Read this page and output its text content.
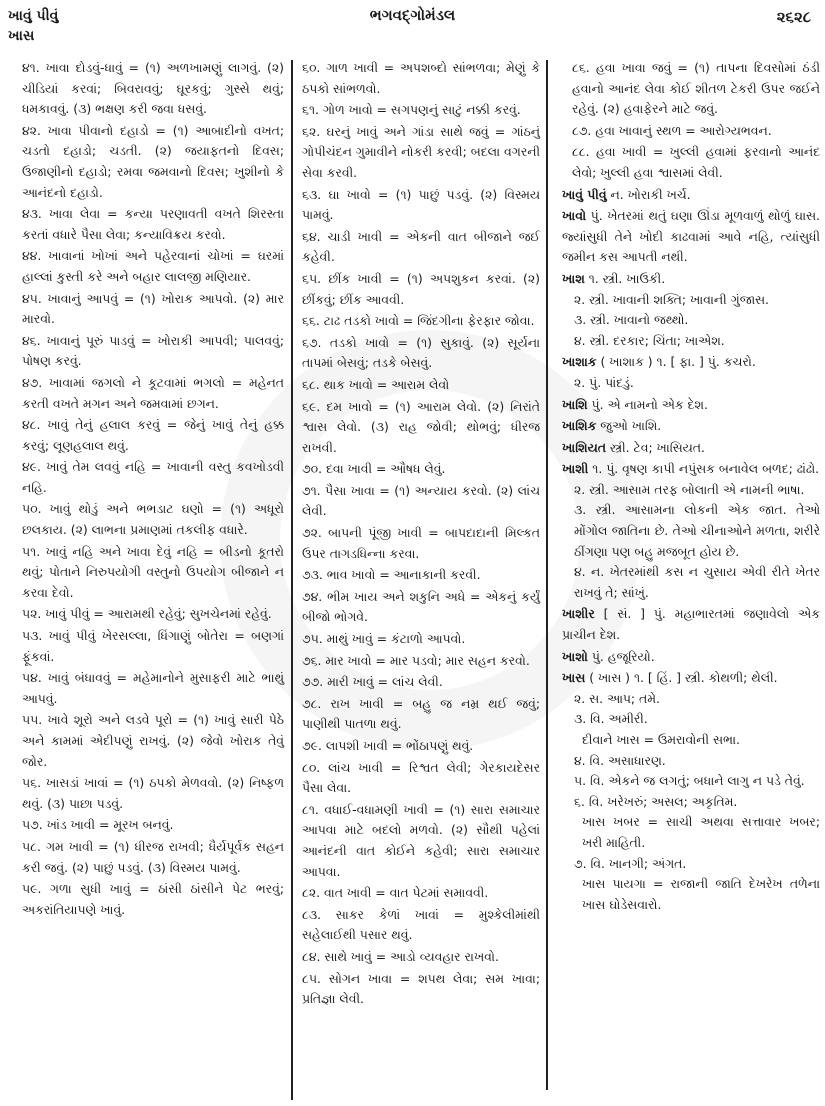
ખાવું પીવું
ખાસ
ભગવદ્ગોમંડલ	૨૬૨૮
૪૧. ખાવા દોડવું-ધાવું = (૧) અળખામણું લાગવું. (૨) ચીડિયાં કરવાં; બિવરાવવું; ઘૂરકવું; ગુસ્સે થવું; ધમકાવવું. (૩) ભક્ષણ કરી જવા ધસવું.
૪૨. ખાવા પીવાનો દહાડો = (૧) આબાદીનો વખત; ચડતો દહાડો; ચડતી. (૨) જયાફતનો દિવસ; ઉજાણીનો દહાડો; રમવા જમવાનો દિવસ; ખુશીનો કે આનંદનો દહાડો.
૪૩. ખાવા લેવા = કન્યા પરણાવતી વખતે શિરસ્તા કરતાં વધારે પૈસા લેવા; કન્યાવિક્રય કરવો.
૪૪. ખાવાનાં ખોખાં અને પહેરવાનાં ચોખાં = ઘરમાં હાલ્લાં કુસ્તી કરે અને બહાર લાલજી મણિયાર.
૪૫. ખાવાનું આપવું = (૧) ખોરાક આપવો. (૨) માર મારવો.
૪૬. ખાવાનું પૂરું પાડવું = ખોરાકી આપવી; પાલવવું; પોષણ કરવું.
૪૭. ખાવામાં જગલો ને કૂટવામાં ભગલો = મહેનત કરતી વખતે મગન અને જમવામાં છગન.
૪૮. ખાવું તેનું હલાલ કરવું = જેનું ખાવું તેનું હક્ક કરવું; લૂણહલાલ થવું.
૪૯. ખાવું તેમ લવવું નહિ = ખાવાની વસ્તુ કવખોડવી નહિ.
૫૦. ખાવું થોડું અને ભભડાટ ઘણો = (૧) અધૂરો છલકાય. (૨) લાભના પ્રમાણમાં તકલીફ વધારે.
૫૧. ખાવું નહિ અને ખાવા દેવું નહિ = બીડનો કૂતરો થવું; પોતાને નિરુપયોગી વસ્તુનો ઉપયોગ બીજાને ન કરવા દેવો.
૫૨. ખાવું પીવું = આરામથી રહેવું; સુખચેનમાં રહેવું.
૫૩. ખાવું પીવું ખેરસલ્લા, ધિંગાણું બોતેરા = બણગાં ફૂંકવાં.
૫૪. ખાવું બંધાવવું = મહેમાનોને મુસાફરી માટે ભાથું આપવું.
૫૫. ખાવે શૂરો અને લડવે પૂરો = (૧) ખાવું સારી પેઠે અને કામમાં એદીપણું રાખવું. (૨) જેવો ખોરાક તેવું જોર.
૫૬. ખાસડાં ખાવાં = (૧) ઠપકો મેળવવો. (૨) નિષ્ફળ થવું. (૩) પાછા પડવું.
૫૭. ખાંડ ખાવી = મૂરખ બનવું.
૫૮. ગમ ખાવી = (૧) ધીરજ રાખવી; ધૈર્યપૂર્વક સહન કરી જવું. (૨) પાછું પડવું. (૩) વિસ્મય પામવું.
૫૯. ગળા સુધી ખાવું = ઠાંસી ઠાંસીને પેટ ભરવું; અકરાંતિયાપણે ખાવું.
૬૦. ગાળ ખાવી = અપશબ્દો સાંભળવા; મેણું કે ઠપકો સાંભળવો.
૬૧. ગોળ ખાવો = સગપણનું સાટું નક્કી કરવું.
૬૨. ઘરનું ખાવું અને ગાંડા સાથે જવું = ગાંઠનું ગોપીચંદન ગુમાવીને નોકરી કરવી; બદલા વગરની સેવા કરવી.
૬૩. ઘા ખાવો = (૧) પાછું પડવું. (૨) વિસ્મય પામવું.
૬૪. ચાડી ખાવી = એકની વાત બીજાને જઈ કહેવી.
૬૫. છીંક ખાવી = (૧) અપશુકન કરવાં. (૨) છીંકવું; છીંક આવવી.
૬૬. ટાઢ તડકો ખાવો = જિંદગીના ફેરફાર જોવા.
૬૭. તડકો ખાવો = (૧) સુકાવું. (૨) સૂર્યના તાપમાં બેસવું; તડકે બેસવું.
૬૮. થાક ખાવો = આરામ લેવો
૬૯. દમ ખાવો = (૧) આરામ લેવો. (૨) નિરાંતે શ્વાસ લેવો. (૩) રાહ જોવી; થોભવું; ધીરજ રાખવી.
૭૦. દવા ખાવી = ઔષધ લેવું.
૭૧. પૈસા ખાવા = (૧) અન્યાય કરવો. (૨) લાંચ લેવી.
૭૨. બાપની પૂંજી ખાવી = બાપદાદાની મિલ્કત ઉપર તાગડધિન્ના કરવા.
૭૩. ભાવ ખાવો = આનાકાની કરવી.
૭૪. ભીમ ખાય અને શકુનિ અધે = એકનું કર્યું બીજો ભોગવે.
૭૫. માથું ખાવું = કંટાળો આપવો.
૭૬. માર ખાવો = માર પડવો; માર સહન કરવો.
૭૭. મારી ખાવું = લાંચ લેવી.
૭૮. રાખ ખાવી = બહુ જ નમ્ર થઈ જવું; પાણીથી પાતળા થવું.
૭૯. લાપશી ખાવી = ભોંઠાપણું થવું.
૮૦. લાંચ ખાવી = રિશ્વત લેવી; ગેરકાયદેસર પૈસા લેવા.
૮૧. વધાઈ-વધામણી ખાવી = (૧) સારા સમાચાર આપવા માટે બદલો મળવો. (૨) સૌથી પહેલાં આનંદની વાત કોઈને કહેવી; સારા સમાચાર આપવા.
૮૨. વાત ખાવી = વાત પેટમાં સમાવવી.
૮૩. સાકર કેળાં ખાવાં = મુશ્કેલીમાંથી સહેલાઈથી પસાર થવું.
૮૪. સાથે ખાવું = આડો વ્યવહાર રાખવો.
૮૫. સોગન ખાવા = શપથ લેવા; સમ ખાવા; પ્રતિજ્ઞા લેવી.
૮૬. હવા ખાવા જવું = (૧) તાપના દિવસોમાં ઠંડી હવાનો આનંદ લેવા કોઈ શીતળ ટેકરી ઉપર જઈને રહેવું. (૨) હવાફેરને માટે જવું.
૮૭. હવા ખાવાનું સ્થળ = આરોગ્યભવન.
૮૮. હવા ખાવી = ખુલ્લી હવામાં ફરવાનો આનંદ લેવો; ખુલ્લી હવા શ્વાસમાં લેવી.
ખાવું પીવું ન. ખોરાકી ખર્ચ.
ખાવો પું. ખેતરમાં થતું ઘણા ઊંડા મૂળવાળું થોળું ઘાસ. જ્યાંસુધી તેને ખોદી કાઢવામાં આવે નહિ, ત્યાંસુધી જમીન કસ આપતી નથી.
ખાશ ૧. સ્ત્રી. ખાઉકી.
૨. સ્ત્રી. ખાવાની શક્તિ; ખાવાની ગુંજાસ.
૩. સ્ત્રી. ખાવાનો જથ્થો.
૪. સ્ત્રી. દરકાર; ચિંતા; ખાએશ.
ખાશાક ( ખાશાક ) ૧. [ ફા. ] પું. કચરો.
૨. પું. પાંદડું.
ખાશિ પું. એ નામનો એક દેશ.
ખાશિક જુઓ ખાશિ.
ખાશિયત સ્ત્રી. ટેવ; ખાસિયત.
ખાશી ૧. પું. વૃષણ કાપી નપુંસક બનાવેલ બળદ; ઢાંઢો.
૨. સ્ત્રી. આસામ તરફ બોલાતી એ નામની ભાષા.
૩. સ્ત્રી. આસામના લોકની એક જાત. તેઓ મોંગોલ જાતિના છે. તેઓ ચીનાઓને મળતા, શરીરે ઠીંગણા પણ બહુ મજબૂત હોય છે.
૪. ન. ખેતરમાંથી કસ ન ચુસાય એવી રીતે ખેતર રાખવું તે; સાંખું.
ખાશીર [ સં. ] પું. મહાભારતમાં જણાવેલો એક પ્રાચીન દેશ.
ખાશો પું. હજૂરિયો.
ખાસ ( ખાસ ) ૧. [ હિં. ] સ્ત્રી. કોથળી; થેલી.
૨. સ. આપ; તમે.
૩. વિ. અમીરી.
દીવાને ખાસ = ઉમરાવોની સભા.
૪. વિ. અસાધારણ.
૫. વિ. એકને જ લગતું; બધાને લાગુ ન પડે તેવું.
૬. વિ. ખરેખરું; અસલ; અકૃતિમ.
ખાસ ખબર = સાચી અથવા સત્તાવાર ખબર; ખરી માહિતી.
૭. વિ. ખાનગી; અંગત.
ખાસ પાયગા = રાજાની જાતિ દેખરેખ તળેના ખાસ ઘોડેસવારો.
